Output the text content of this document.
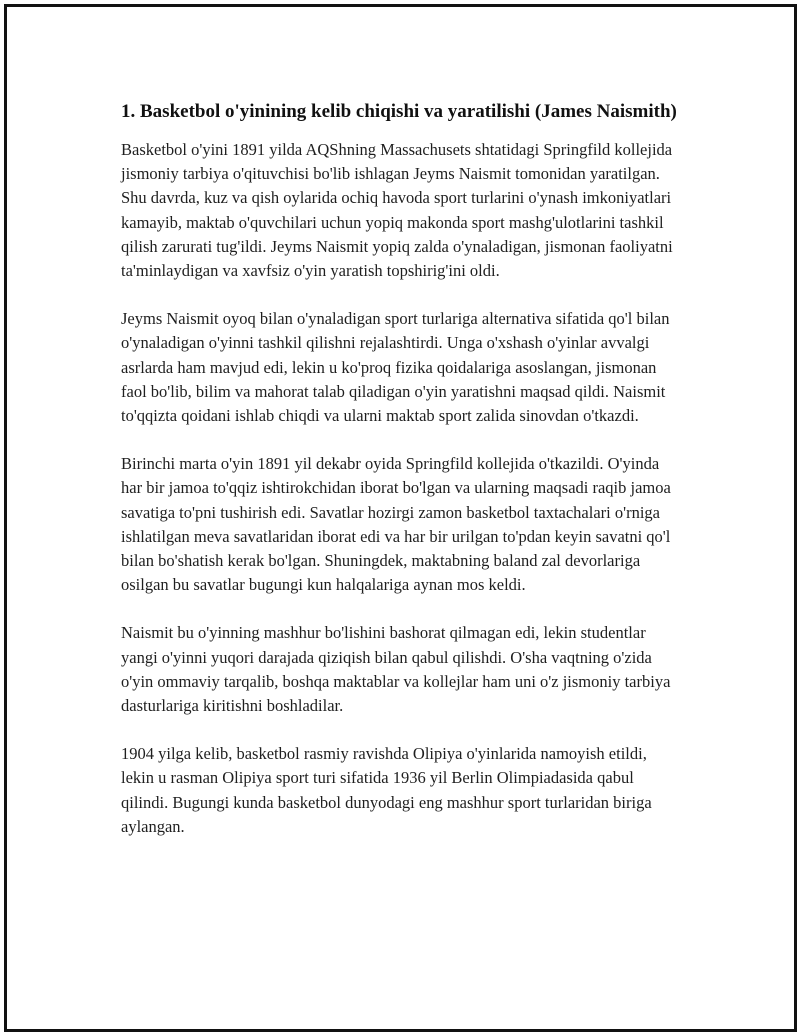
1. Basketbol o'yinining kelib chiqishi va yaratilishi (James Naismith)

Basketbol o'yini 1891 yilda AQShning Massachusets shtatidagi Springfild kollejida jismoniy tarbiya o'qituvchisi bo'lib ishlagan Jeyms Naismit tomonidan yaratilgan. Shu davrda, kuz va qish oylarida ochiq havoda sport turlarini o'ynash imkoniyatlari kamayib, maktab o'quvchilari uchun yopiq makonda sport mashg'ulotlarini tashkil qilish zarurati tug'ildi. Jeyms Naismit yopiq zalda o'ynaladigan, jismonan faoliyatni ta'minlaydigan va xavfsiz o'yin yaratish topshirig'ini oldi.

Jeyms Naismit oyoq bilan o'ynaladigan sport turlariga alternativa sifatida qo'l bilan o'ynaladigan o'yinni tashkil qilishni rejalashtirdi. Unga o'xshash o'yinlar avvalgi asrlarda ham mavjud edi, lekin u ko'proq fizika qoidalariga asoslangan, jismonan faol bo'lib, bilim va mahorat talab qiladigan o'yin yaratishni maqsad qildi. Naismit to'qqizta qoidani ishlab chiqdi va ularni maktab sport zalida sinovdan o'tkazdi.

Birinchi marta o'yin 1891 yil dekabr oyida Springfild kollejida o'tkazildi. O'yinda har bir jamoa to'qqiz ishtirokchidan iborat bo'lgan va ularning maqsadi raqib jamoa savatiga to'pni tushirish edi. Savatlar hozirgi zamon basketbol taxtachalari o'rniga ishlatilgan meva savatlaridan iborat edi va har bir urilgan to'pdan keyin savatni qo'l bilan bo'shatish kerak bo'lgan. Shuningdek, maktabning baland zal devorlariga osilgan bu savatlar bugungi kun halqalariga aynan mos keldi.

Naismit bu o'yinning mashhur bo'lishini bashorat qilmagan edi, lekin studentlar yangi o'yinni yuqori darajada qiziqish bilan qabul qilishdi. O'sha vaqtning o'zida o'yin ommaviy tarqalib, boshqa maktablar va kollejlar ham uni o'z jismoniy tarbiya dasturlariga kiritishni boshladilar.

1904 yilga kelib, basketbol rasmiy ravishda Olipiya o'yinlarida namoyish etildi, lekin u rasman Olipiya sport turi sifatida 1936 yil Berlin Olimpiadasida qabul qilindi. Bugungi kunda basketbol dunyodagi eng mashhur sport turlaridan biriga aylangan.
